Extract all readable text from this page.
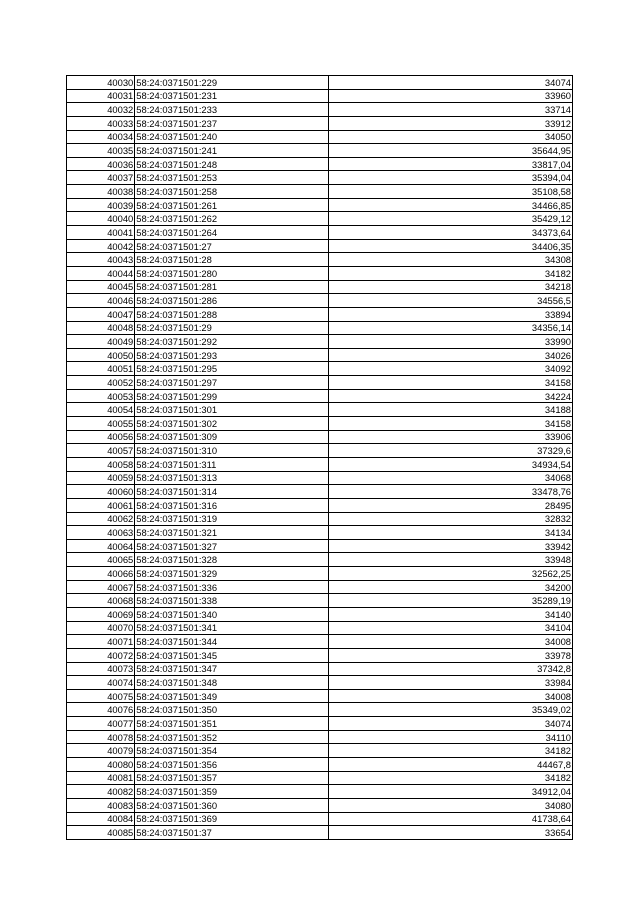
40030	58:24:0371501:229	34074
40031	58:24:0371501:231	33960
40032	58:24:0371501:233	33714
40033	58:24:0371501:237	33912
40034	58:24:0371501:240	34050
40035	58:24:0371501:241	35644,95
40036	58:24:0371501:248	33817,04
40037	58:24:0371501:253	35394,04
40038	58:24:0371501:258	35108,58
40039	58:24:0371501:261	34466,85
40040	58:24:0371501:262	35429,12
40041	58:24:0371501:264	34373,64
40042	58:24:0371501:27	34406,35
40043	58:24:0371501:28	34308
40044	58:24:0371501:280	34182
40045	58:24:0371501:281	34218
40046	58:24:0371501:286	34556,5
40047	58:24:0371501:288	33894
40048	58:24:0371501:29	34356,14
40049	58:24:0371501:292	33990
40050	58:24:0371501:293	34026
40051	58:24:0371501:295	34092
40052	58:24:0371501:297	34158
40053	58:24:0371501:299	34224
40054	58:24:0371501:301	34188
40055	58:24:0371501:302	34158
40056	58:24:0371501:309	33906
40057	58:24:0371501:310	37329,6
40058	58:24:0371501:311	34934,54
40059	58:24:0371501:313	34068
40060	58:24:0371501:314	33478,76
40061	58:24:0371501:316	28495
40062	58:24:0371501:319	32832
40063	58:24:0371501:321	34134
40064	58:24:0371501:327	33942
40065	58:24:0371501:328	33948
40066	58:24:0371501:329	32562,25
40067	58:24:0371501:336	34200
40068	58:24:0371501:338	35289,19
40069	58:24:0371501:340	34140
40070	58:24:0371501:341	34104
40071	58:24:0371501:344	34008
40072	58:24:0371501:345	33978
40073	58:24:0371501:347	37342,8
40074	58:24:0371501:348	33984
40075	58:24:0371501:349	34008
40076	58:24:0371501:350	35349,02
40077	58:24:0371501:351	34074
40078	58:24:0371501:352	34110
40079	58:24:0371501:354	34182
40080	58:24:0371501:356	44467,8
40081	58:24:0371501:357	34182
40082	58:24:0371501:359	34912,04
40083	58:24:0371501:360	34080
40084	58:24:0371501:369	41738,64
40085	58:24:0371501:37	33654
